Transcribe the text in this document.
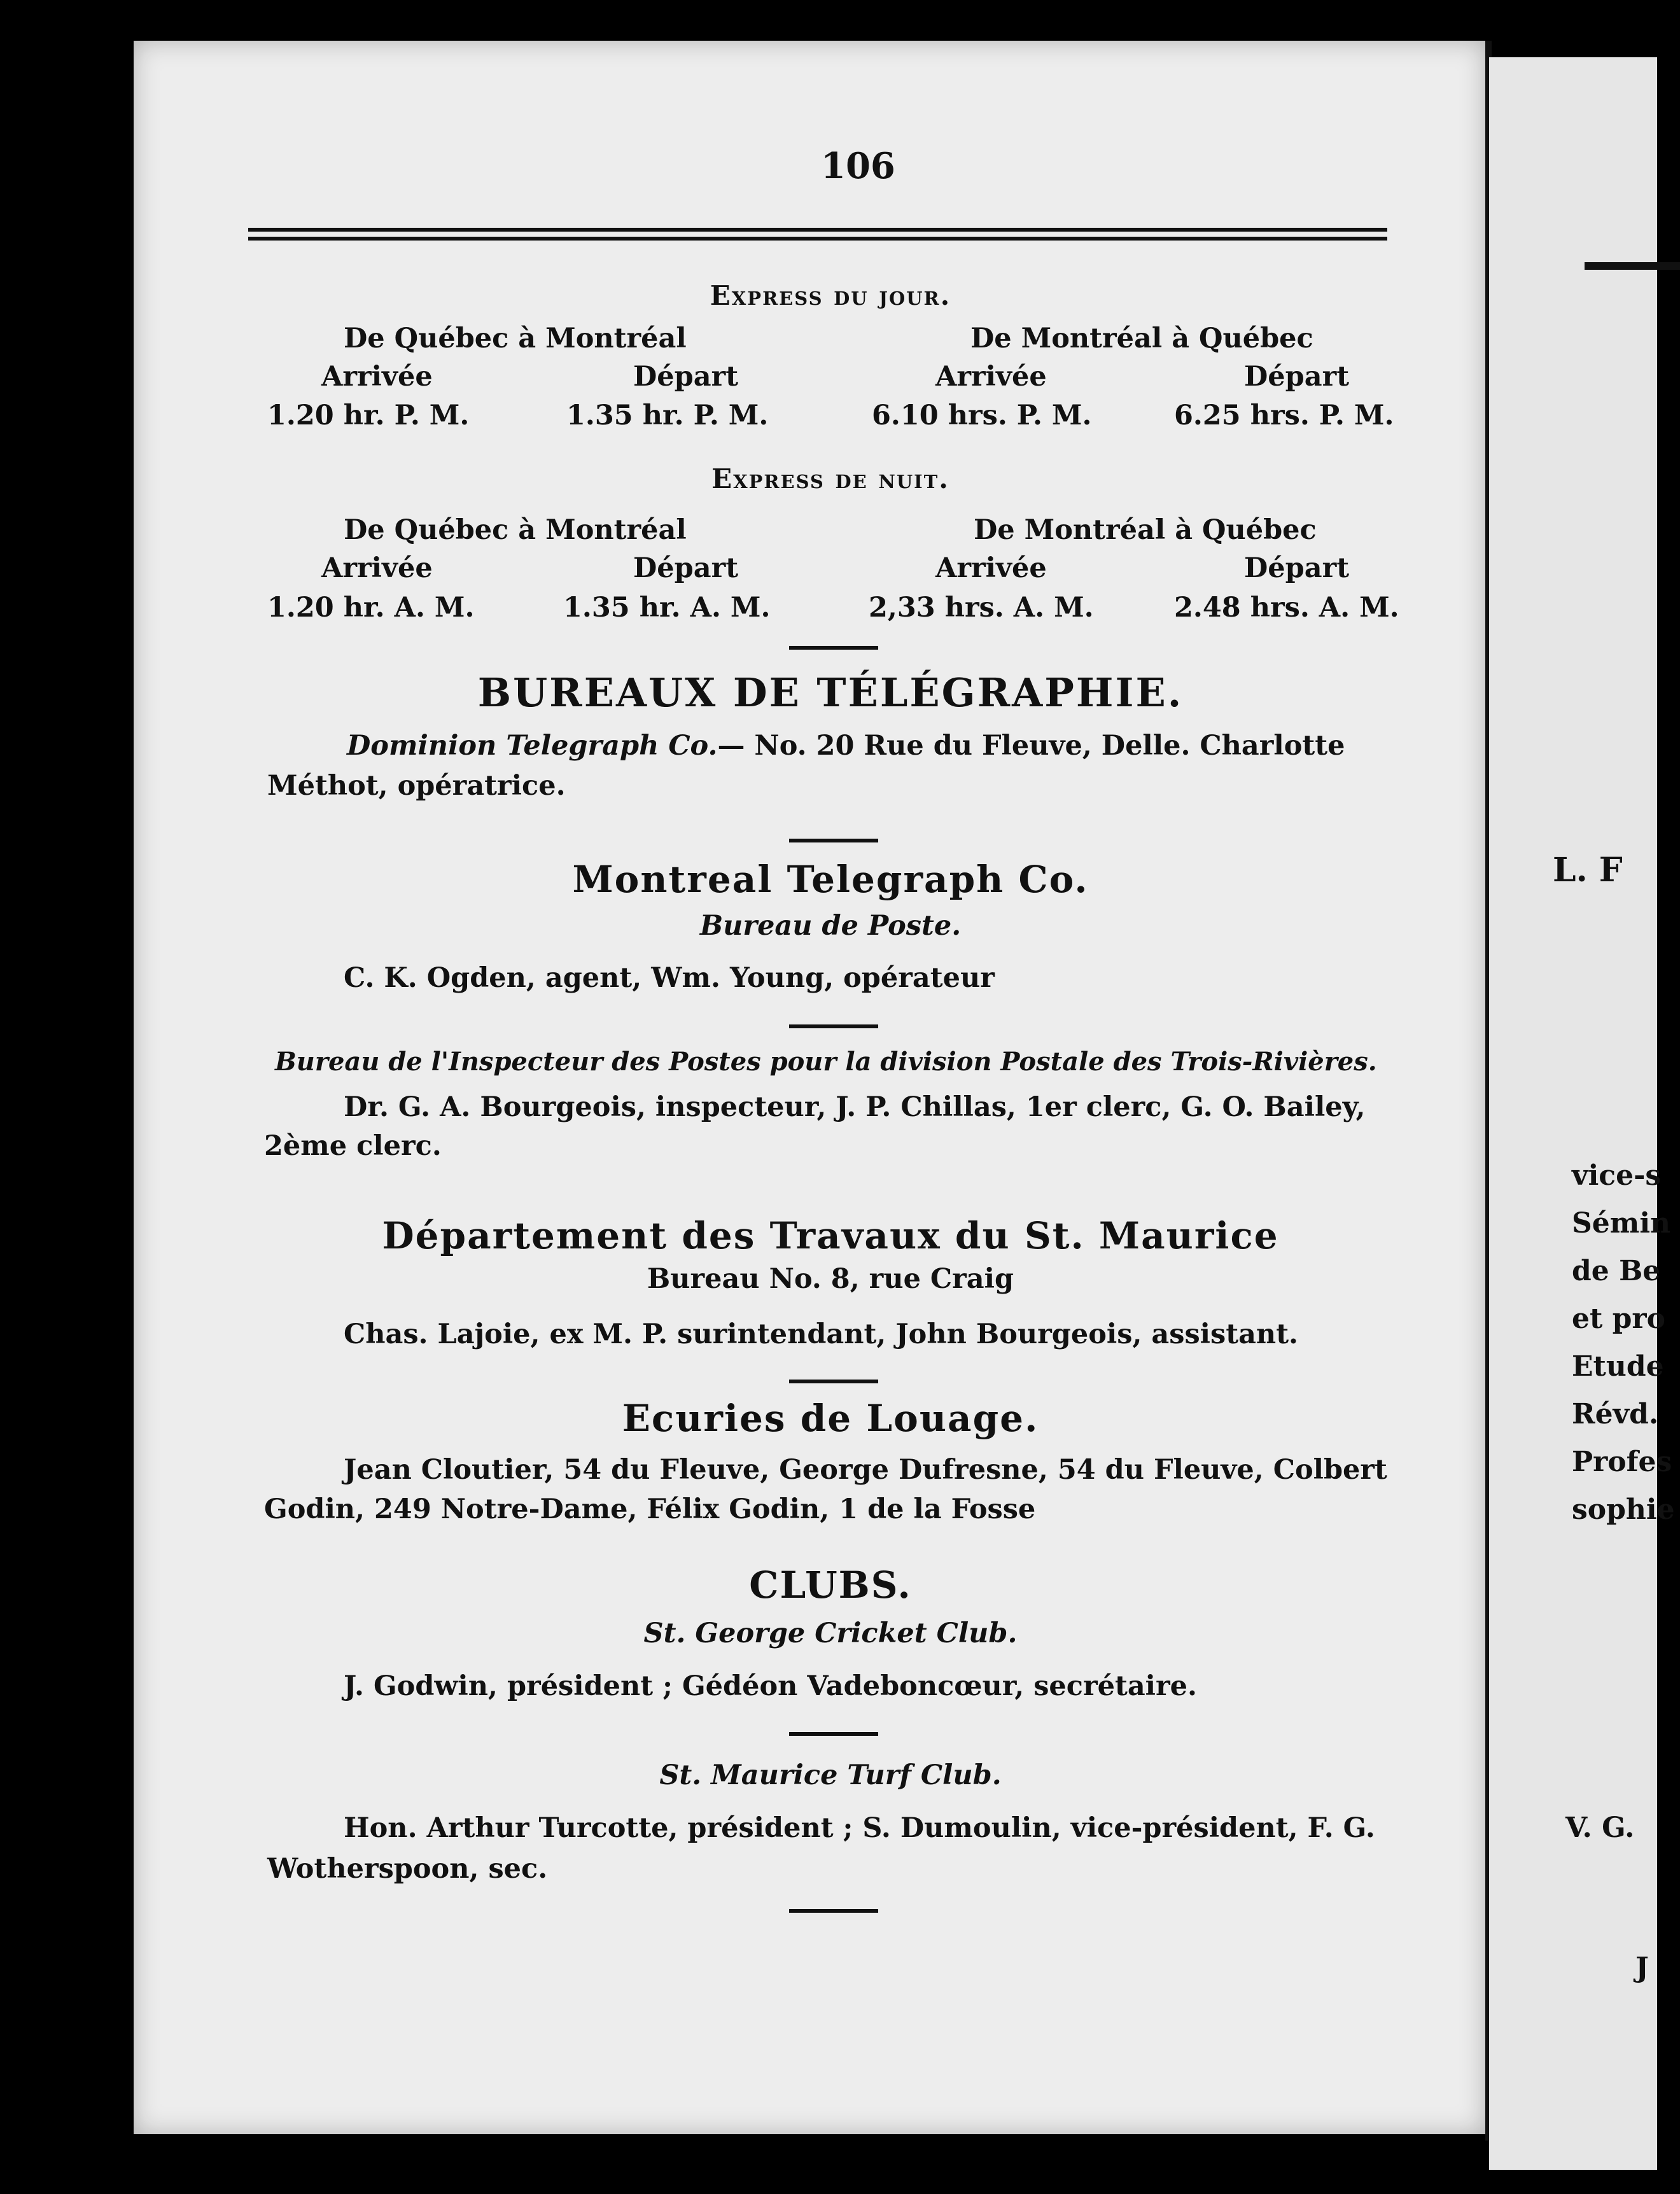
L. F
vice-s
Sémin
de Be
et pro
Etude
Révd.
Profes
sophie
V. G.
J
106
Express du jour.
De Québec à Montréal	De Montréal à Québec
Arrivée	Départ	Arrivée	Départ
1.20 hr. P. M.	1.35 hr. P. M.	6.10 hrs. P. M.	6.25 hrs. P. M.
Express de nuit.
De Québec à Montréal	De Montréal à Québec
Arrivée	Départ	Arrivée	Départ
1.20 hr. A. M.	1.35 hr. A. M.	2,33 hrs. A. M.	2.48 hrs. A. M.
BUREAUX DE TÉLÉGRAPHIE.
Dominion Telegraph Co.— No. 20 Rue du Fleuve, Delle. Charlotte
Méthot, opératrice.
Montreal Telegraph Co.
Bureau de Poste.
C. K. Ogden, agent, Wm. Young, opérateur
Bureau de l'Inspecteur des Postes pour la division Postale des Trois-Rivières.
Dr. G. A. Bourgeois, inspecteur, J. P. Chillas, 1er clerc, G. O. Bailey,
2ème clerc.
Département des Travaux du St. Maurice
Bureau No. 8, rue Craig
Chas. Lajoie, ex M. P. surintendant, John Bourgeois, assistant.
Ecuries de Louage.
Jean Cloutier, 54 du Fleuve, George Dufresne, 54 du Fleuve, Colbert
Godin, 249 Notre-Dame, Félix Godin, 1 de la Fosse
CLUBS.
St. George Cricket Club.
J. Godwin, président ; Gédéon Vadeboncœur, secrétaire.
St. Maurice Turf Club.
Hon. Arthur Turcotte, président ; S. Dumoulin, vice-président, F. G.
Wotherspoon, sec.
